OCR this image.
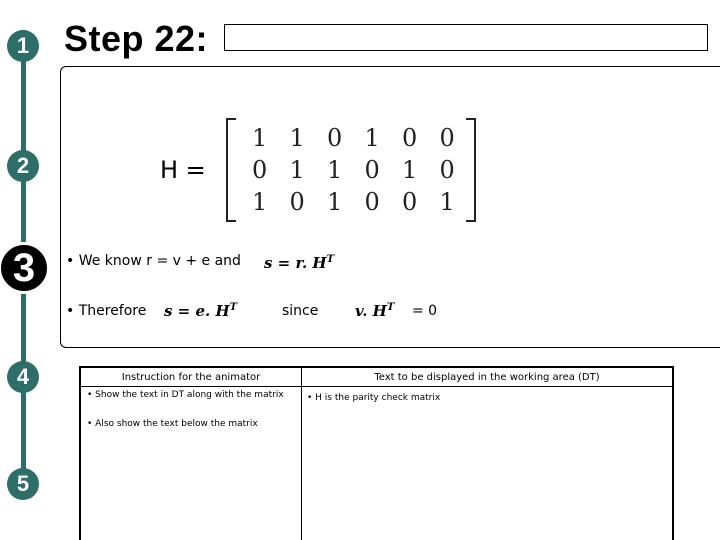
1
2
3
4
5
Step 22:
H =
1 1 0 1 0 0
0 1 1 0 1 0
1 0 1 0 0 1
• We know r = v + e and s = r. $H^T$
• Therefore s = e. $H^T$	since v. $H^T = 0$
Instruction for the animator	Text to be displayed in the working area (DT)
• Show the text in DT along with the matrix
• Also show the text below the matrix
• H is the parity check matrix
